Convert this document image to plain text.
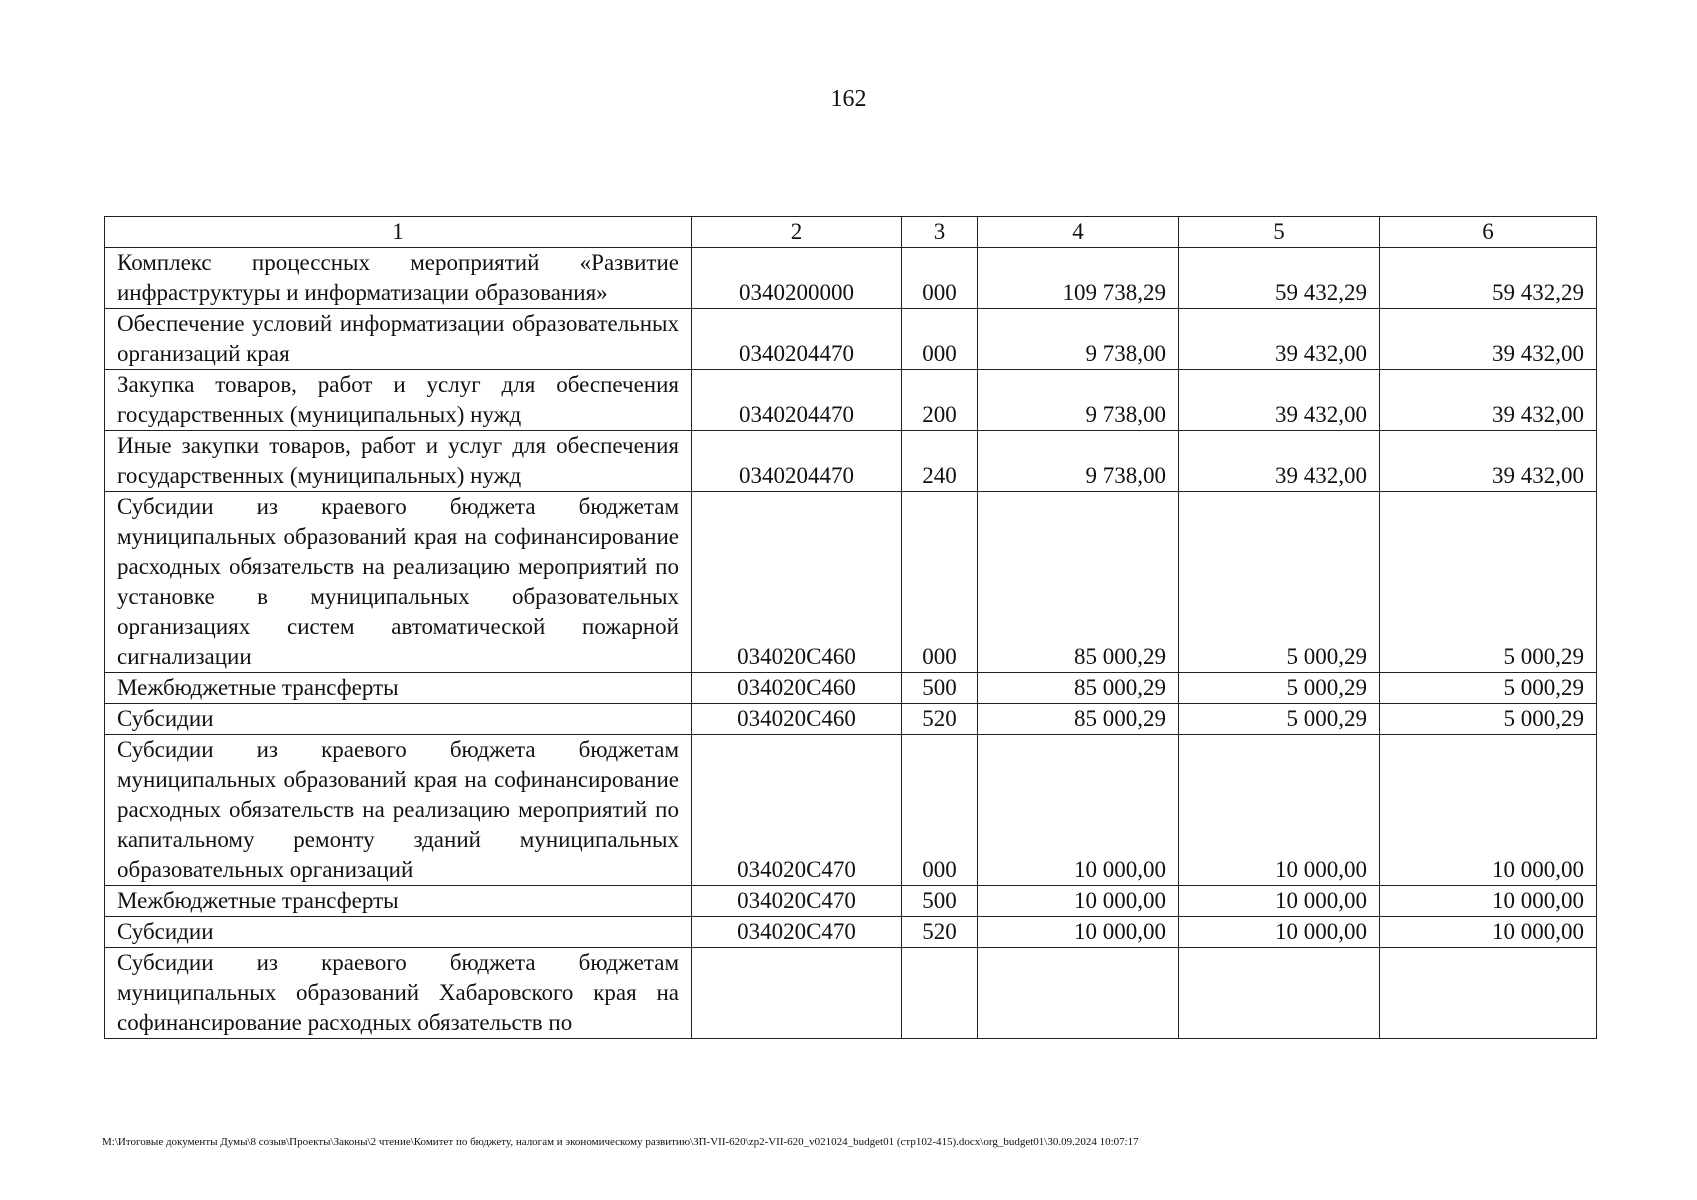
162
1	2	3	4	5	6
Комплекс процессных мероприятий «Развитие инфраструктуры и информатизации образования»	0340200000	000	109 738,29	59 432,29	59 432,29
Обеспечение условий информатизации образовательных организаций края	0340204470	000	9 738,00	39 432,00	39 432,00
Закупка товаров, работ и услуг для обеспечения государственных (муниципальных) нужд	0340204470	200	9 738,00	39 432,00	39 432,00
Иные закупки товаров, работ и услуг для обеспечения государственных (муниципальных) нужд	0340204470	240	9 738,00	39 432,00	39 432,00
Субсидии из краевого бюджета бюджетам муниципальных образований края на софинансирование расходных обязательств на реализацию мероприятий по установке в муниципальных образовательных организациях систем автоматической пожарной сигнализации	034020С460	000	85 000,29	5 000,29	5 000,29
Межбюджетные трансферты	034020С460	500	85 000,29	5 000,29	5 000,29
Субсидии	034020С460	520	85 000,29	5 000,29	5 000,29
Субсидии из краевого бюджета бюджетам муниципальных образований края на софинансирование расходных обязательств на реализацию мероприятий по капитальному ремонту зданий муниципальных образовательных организаций	034020С470	000	10 000,00	10 000,00	10 000,00
Межбюджетные трансферты	034020С470	500	10 000,00	10 000,00	10 000,00
Субсидии	034020С470	520	10 000,00	10 000,00	10 000,00
Субсидии из краевого бюджета бюджетам муниципальных образований Хабаровского края на софинансирование расходных обязательств по					
М:\Итоговые документы Думы\8 созыв\Проекты\Законы\2 чтение\Комитет по бюджету, налогам и экономическому развитию\ЗП-VII-620\zp2-VII-620_v021024_budget01 (стр102-415).docx\org_budget01\30.09.2024 10:07:17
